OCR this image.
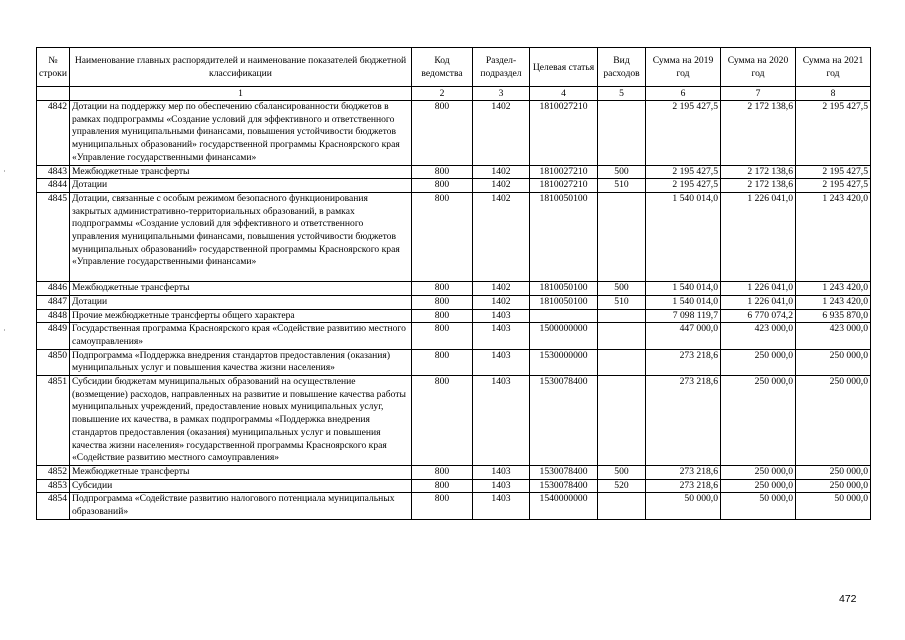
№ строки	Наименование главных распорядителей и наименование показателей бюджетной классификации	Код ведомства	Раздел-подраздел	Целевая статья	Вид расходов	Сумма на 2019 год	Сумма на 2020 год	Сумма на 2021 год
	1	2	3	4	5	6	7	8
4842	Дотации на поддержку мер по обеспечению сбалансированности бюджетов в рамках подпрограммы «Создание условий для эффективного и ответственного управления муниципальными финансами, повышения устойчивости бюджетов муниципальных образований» государственной программы Красноярского края «Управление государственными финансами»	800	1402	1810027210		2 195 427,5	2 172 138,6	2 195 427,5
4843	Межбюджетные трансферты	800	1402	1810027210	500	2 195 427,5	2 172 138,6	2 195 427,5
4844	Дотации	800	1402	1810027210	510	2 195 427,5	2 172 138,6	2 195 427,5
4845	Дотации, связанные с особым режимом безопасного функционирования закрытых административно-территориальных образований, в рамках подпрограммы «Создание условий для эффективного и ответственного управления муниципальными финансами, повышения устойчивости бюджетов муниципальных образований» государственной программы Красноярского края «Управление государственными финансами»	800	1402	1810050100		1 540 014,0	1 226 041,0	1 243 420,0
4846	Межбюджетные трансферты	800	1402	1810050100	500	1 540 014,0	1 226 041,0	1 243 420,0
4847	Дотации	800	1402	1810050100	510	1 540 014,0	1 226 041,0	1 243 420,0
4848	Прочие межбюджетные трансферты общего характера	800	1403			7 098 119,7	6 770 074,2	6 935 870,0
4849	Государственная программа Красноярского края «Содействие развитию местного самоуправления»	800	1403	1500000000		447 000,0	423 000,0	423 000,0
4850	Подпрограмма «Поддержка внедрения стандартов предоставления (оказания) муниципальных услуг и повышения качества жизни населения»	800	1403	1530000000		273 218,6	250 000,0	250 000,0
4851	Субсидии бюджетам муниципальных образований на осуществление (возмещение) расходов, направленных на развитие и повышение качества работы муниципальных учреждений, предоставление новых муниципальных услуг, повышение их качества, в рамках подпрограммы «Поддержка внедрения стандартов предоставления (оказания) муниципальных услуг и повышения качества жизни населения» государственной программы Красноярского края «Содействие развитию местного самоуправления»	800	1403	1530078400		273 218,6	250 000,0	250 000,0
4852	Межбюджетные трансферты	800	1403	1530078400	500	273 218,6	250 000,0	250 000,0
4853	Субсидии	800	1403	1530078400	520	273 218,6	250 000,0	250 000,0
4854	Подпрограмма «Содействие развитию налогового потенциала муниципальных образований»	800	1403	1540000000		50 000,0	50 000,0	50 000,0
472
